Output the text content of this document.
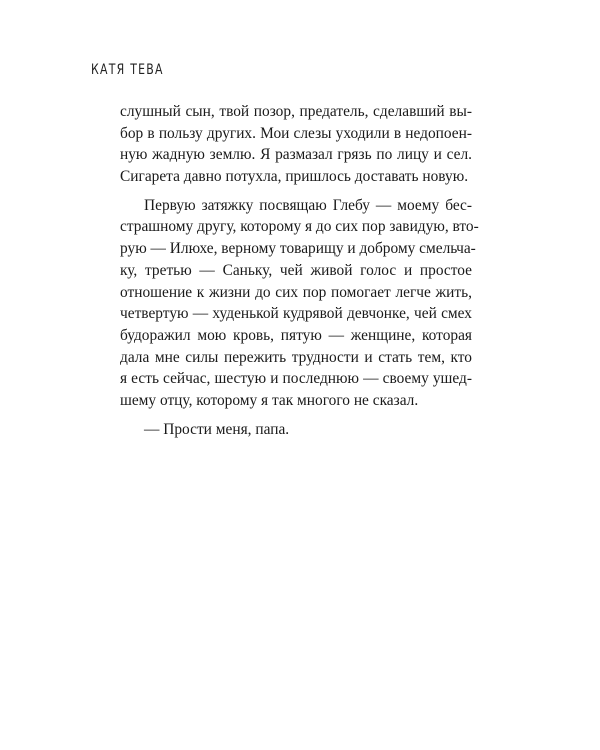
КАТЯ ТЕВА
слушный сын, твой позор, предатель, сделавший вы-
бор в пользу других. Мои слезы уходили в недопоен-
ную жадную землю. Я размазал грязь по лицу и сел.
Сигарета давно потухла, пришлось доставать новую.
Первую затяжку посвящаю Глебу — моему бес-
страшному другу, которому я до сих пор завидую, вто-
рую — Илюхе, верному товарищу и доброму смельча-
ку, третью — Саньку, чей живой голос и простое
отношение к жизни до сих пор помогает легче жить,
четвертую — худенькой кудрявой девчонке, чей смех
будоражил мою кровь, пятую — женщине, которая
дала мне силы пережить трудности и стать тем, кто
я есть сейчас, шестую и последнюю — своему ушед-
шему отцу, которому я так многого не сказал.
— Прости меня, папа.
